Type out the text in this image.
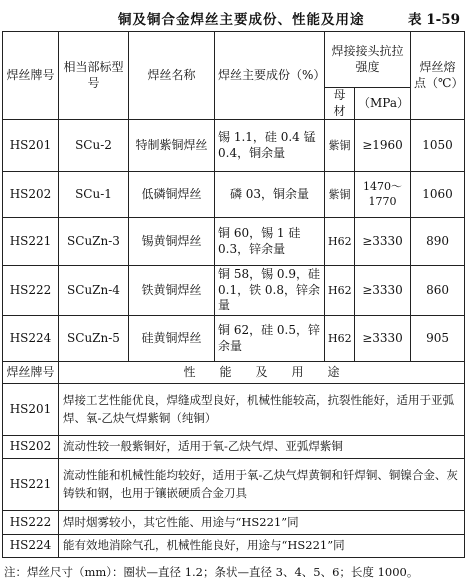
铜及铜合金焊丝主要成份、性能及用途	表 1-59
焊丝牌号	相当部标型号	焊丝名称	焊丝主要成份（%）	焊接接头抗拉强度		焊丝熔点（℃）
				母材	（MPa）	
HS201	SCu-2	特制紫铜焊丝	锡 1.1，硅 0.4 锰 0.4，铜余量	紫铜	≥1960	1050
HS202	SCu-1	低磷铜焊丝	磷 03，铜余量	紫铜	1470～1770	1060
HS221	SCuZn-3	锡黄铜焊丝	铜 60，锡 1 硅 0.3，锌余量	H62	≥3330	890
HS222	SCuZn-4	铁黄铜焊丝	铜 58，锡 0.9，硅 0.1，铁 0.8，锌余量	H62	≥3330	860
HS224	SCuZn-5	硅黄铜焊丝	铜 62，硅 0.5，锌余量	H62	≥3330	905
焊丝牌号	性　　能　　及　　用　　途					
HS201	焊接工艺性能优良，焊缝成型良好，机械性能较高，抗裂性能好，适用于亚弧焊、氧-乙炔气焊紫铜（纯铜）					
HS202	流动性较一般紫铜好，适用于氧-乙炔气焊、亚弧焊紫铜					
HS221	流动性能和机械性能均较好，适用于氧-乙炔气焊黄铜和钎焊铜、铜镍合金、灰铸铁和钢，也用于镶嵌硬质合金刀具					
HS222	焊时烟雾较小，其它性能、用途与“HS221”同					
HS224	能有效地消除气孔，机械性能良好，用途与“HS221”同					
注：焊丝尺寸（mm）：圈状—直径 1.2；条状—直径 3、4、5、6；长度 1000。
